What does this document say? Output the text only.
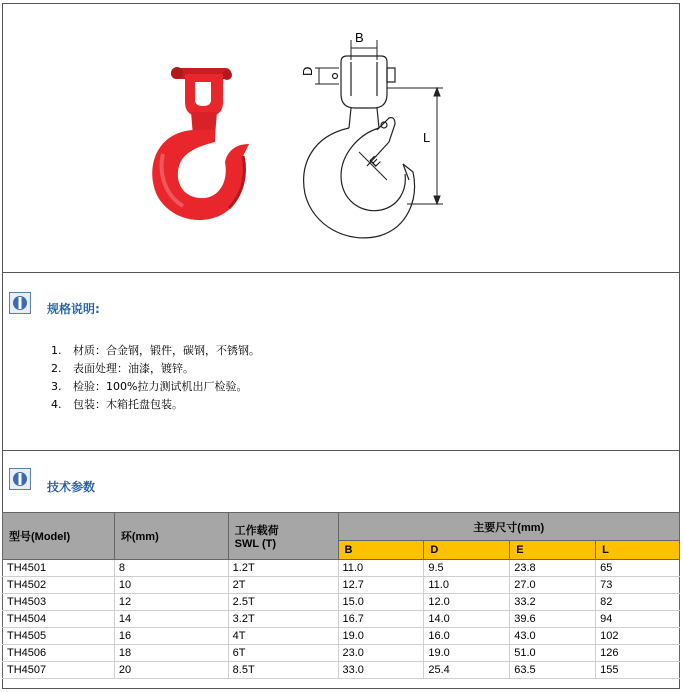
B
D
L
E
规格说明:
1. 材质：合金钢，锻件，碳钢，不锈钢。
2. 表面处理：油漆，镀锌。
3. 检验：100%拉力测试机出厂检验。
4. 包装：木箱托盘包装。
技术参数
型号(Model)	环(mm)	工作载荷
SWL (T)	主要尺寸(mm)			
			B	D	E	L
TH4501	8	1.2T	11.0	9.5	23.8	65
TH4502	10	2T	12.7	11.0	27.0	73
TH4503	12	2.5T	15.0	12.0	33.2	82
TH4504	14	3.2T	16.7	14.0	39.6	94
TH4505	16	4T	19.0	16.0	43.0	102
TH4506	18	6T	23.0	19.0	51.0	126
TH4507	20	8.5T	33.0	25.4	63.5	155
